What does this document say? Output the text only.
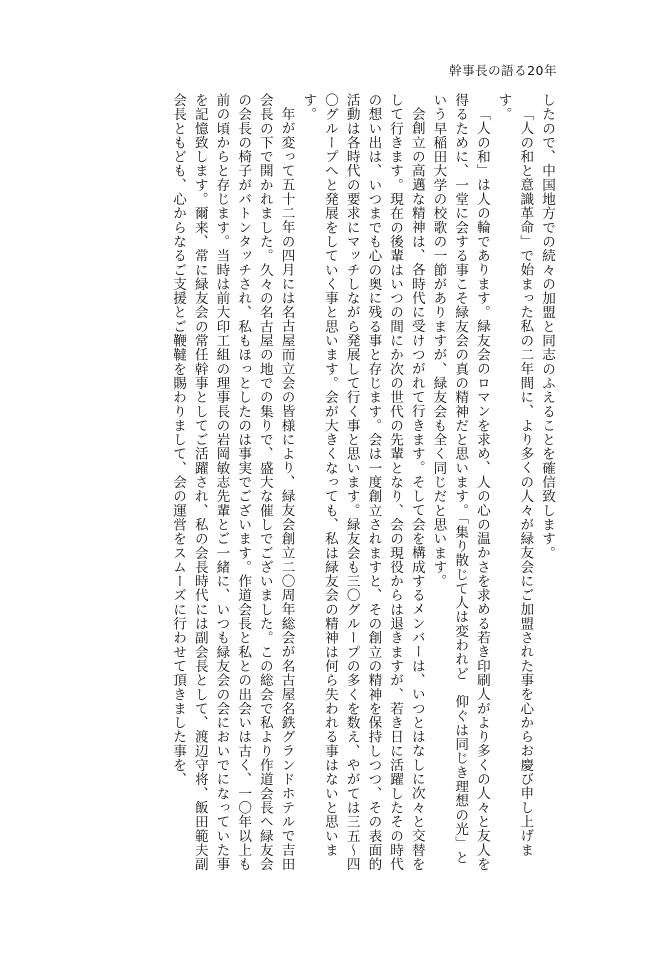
幹事長の語る20年

したので、中国地方での続々の加盟と同志のふえることを確信致します。

「人の和と意識革命」で始まった私の二年間に、より多くの人々が緑友会にご加盟された事を心からお慶び申し上げます。

「人の和」は人の輪であります。緑友会のロマンを求め、人の心の温かさを求める若き印刷人がより多くの人々と友人を得るために、一堂に会する事こそ緑友会の真の精神だと思います。「集り散じて人は変われど　仰ぐは同じき理想の光」という早稲田大学の校歌の一節がありますが、緑友会も全く同じだと思います。

会創立の高邁な精神は、各時代に受けつがれて行きます。そして会を構成するメンバーは、いつとはなしに次々と交替をして行きます。現在の後輩はいつの間にか次の世代の先輩となり、会の現役からは退きますが、若き日に活躍したその時代の想い出は、いつまでも心の奥に残る事と存じます。会は一度創立されますと、その創立の精神を保持しつつ、その表面的活動は各時代の要求にマッチしながら発展して行く事と思います。緑友会も三〇グループの多くを数え、やがては三五～四〇グループへと発展をしていく事と思います。会が大きくなっても、私は緑友会の精神は何ら失われる事はないと思います。

年が変って五十二年の四月には名古屋而立会の皆様により、緑友会創立二〇周年総会が名古屋名鉄グランドホテルで吉田会長の下で開かれました。久々の名古屋の地での集りで、盛大な催しでございました。この総会で私より作道会長へ緑友会の会長の椅子がバトンタッチされ、私もほっとしたのは事実でございます。作道会長と私との出会いは古く、一〇年以上も前の頃からと存じます。当時は前大印工組の理事長の岩岡敏志先輩とご一緒に、いつも緑友会の会においでになっていた事を記憶致します。爾来、常に緑友会の常任幹事としてご活躍され、私の会長時代には副会長として、渡辺守将、飯田範夫副会長ともども、心からなるご支援とご鞭韃を賜わりまして、会の運営をスムーズに行わせて頂きました事を、
